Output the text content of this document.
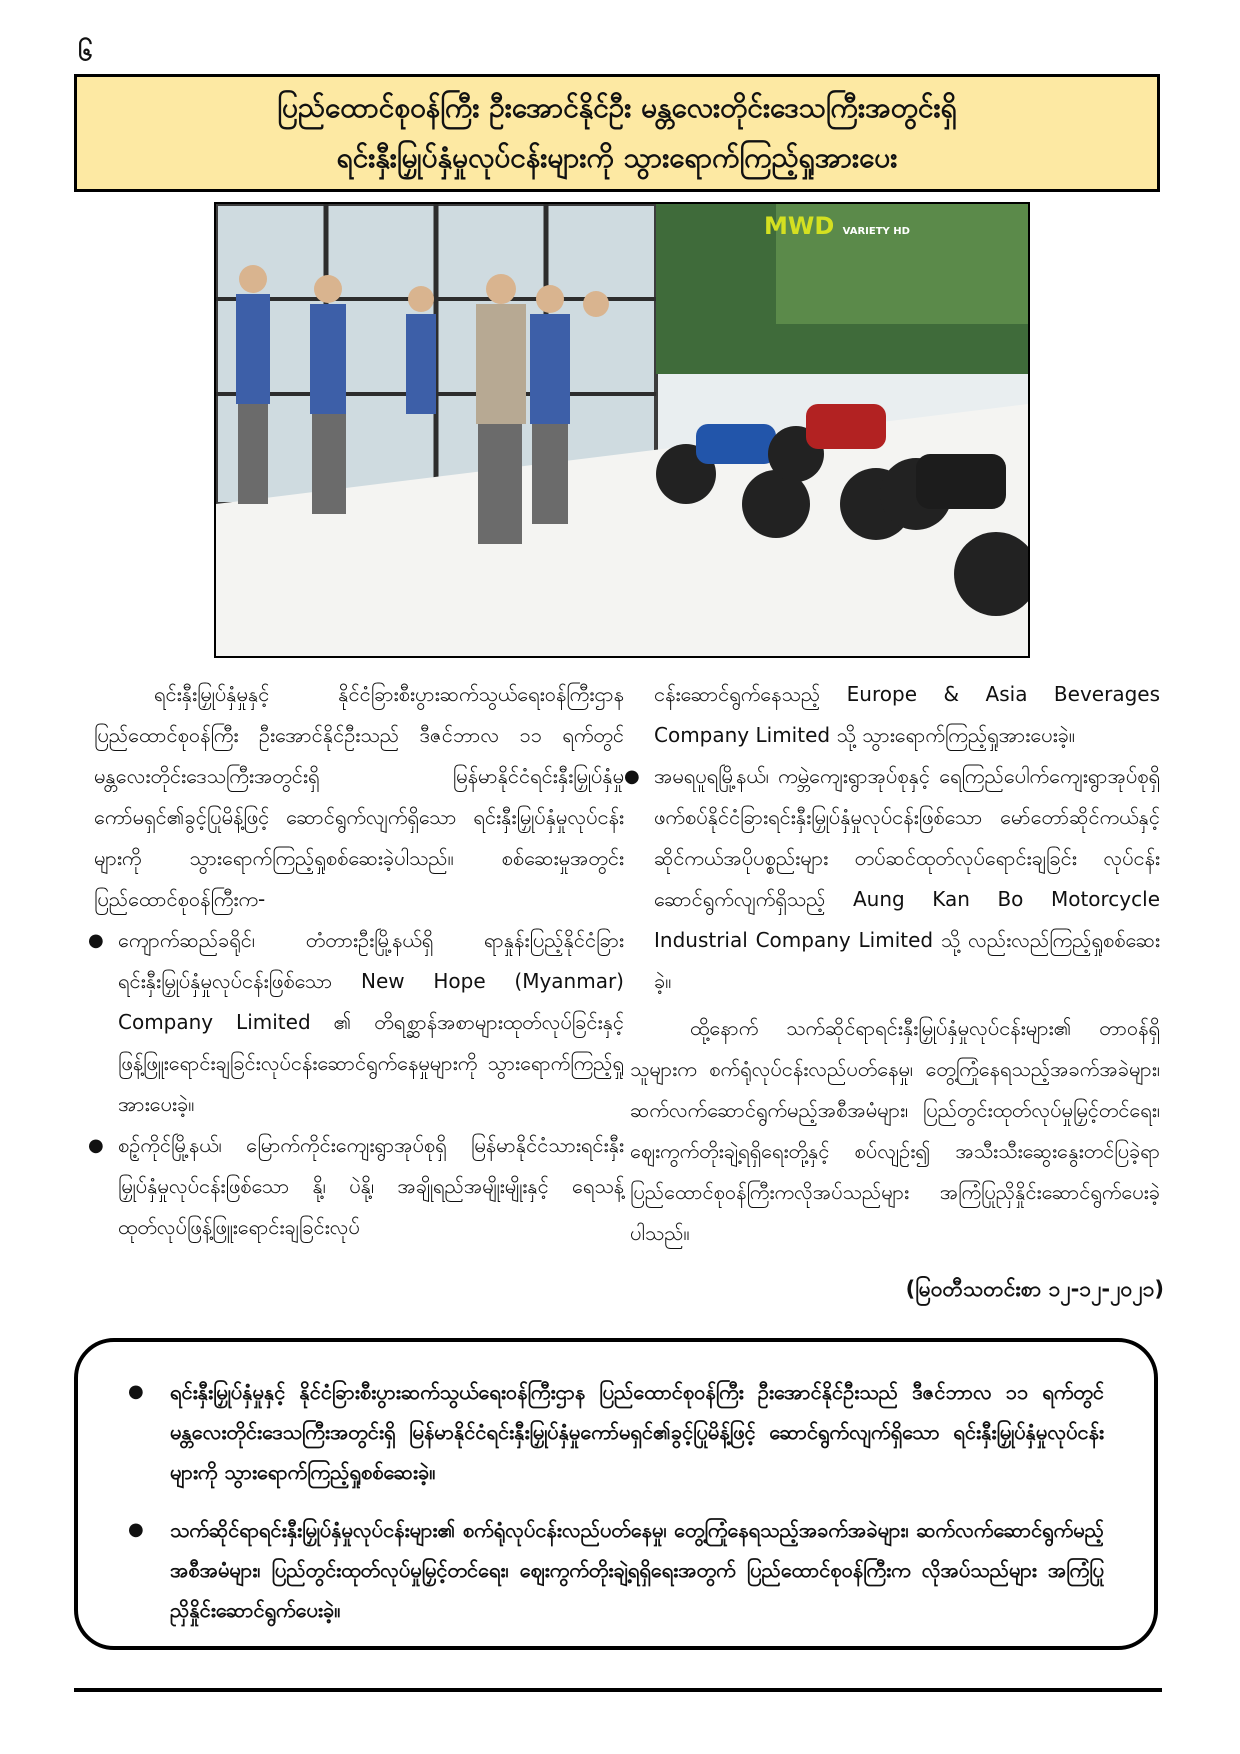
၆
ပြည်ထောင်စုဝန်ကြီး ဦးအောင်နိုင်ဦး မန္တလေးတိုင်းဒေသကြီးအတွင်းရှိ
ရင်းနှီးမြှုပ်နှံမှုလုပ်ငန်းများကို သွားရောက်ကြည့်ရှုအားပေး
MWD VARIETY HD

ရင်းနှီးမြှုပ်နှံမှုနှင့် နိုင်ငံခြားစီးပွားဆက်သွယ်ရေးဝန်ကြီးဌာန ပြည်ထောင်စုဝန်ကြီး ဦးအောင်နိုင်ဦးသည် ဒီဇင်ဘာလ ၁၁ ရက်တွင် မန္တလေးတိုင်းဒေသကြီးအတွင်းရှိ မြန်မာနိုင်ငံရင်းနှီးမြှုပ်နှံမှုကော်မရှင်၏ခွင့်ပြုမိန့်ဖြင့် ဆောင်ရွက်လျက်ရှိသော ရင်းနှီးမြှုပ်နှံမှုလုပ်ငန်းများကို သွားရောက်ကြည့်ရှုစစ်ဆေးခဲ့ပါသည်။ စစ်ဆေးမှုအတွင်း ပြည်ထောင်စုဝန်ကြီးက-

● ကျောက်ဆည်ခရိုင်၊ တံတားဦးမြို့နယ်ရှိ ရာနှုန်းပြည့်နိုင်ငံခြားရင်းနှီးမြှုပ်နှံမှုလုပ်ငန်းဖြစ်သော New Hope (Myanmar) Company Limited ၏ တိရစ္ဆာန်အစာများထုတ်လုပ်ခြင်းနှင့် ဖြန့်ဖြူးရောင်းချခြင်းလုပ်ငန်းဆောင်ရွက်နေမှုများကို သွားရောက်ကြည့်ရှုအားပေးခဲ့။

● စဉ့်ကိုင်မြို့နယ်၊ မြောက်ကိုင်းကျေးရွာအုပ်စုရှိ မြန်မာနိုင်ငံသားရင်းနှီးမြှုပ်နှံမှုလုပ်ငန်းဖြစ်သော နို့၊ ပဲနို့၊ အချိုရည်အမျိုးမျိုးနှင့် ရေသန့်ထုတ်လုပ်ဖြန့်ဖြူးရောင်းချခြင်းလုပ်

ငန်းဆောင်ရွက်နေသည့် Europe & Asia Beverages Company Limited သို့ သွားရောက်ကြည့်ရှုအားပေးခဲ့။

● အမရပူရမြို့နယ်၊ ကမ္ဘဲကျေးရွာအုပ်စုနှင့် ရေကြည်ပေါက်ကျေးရွာအုပ်စုရှိ ဖက်စပ်နိုင်ငံခြားရင်းနှီးမြှုပ်နှံမှုလုပ်ငန်းဖြစ်သော မော်တော်ဆိုင်ကယ်နှင့် ဆိုင်ကယ်အပိုပစ္စည်းများ တပ်ဆင်ထုတ်လုပ်ရောင်းချခြင်း လုပ်ငန်းဆောင်ရွက်လျက်ရှိသည့် Aung Kan Bo Motorcycle Industrial Company Limited သို့ လည်းလည်ကြည့်ရှုစစ်ဆေးခဲ့။

ထို့နောက် သက်ဆိုင်ရာရင်းနှီးမြှုပ်နှံမှုလုပ်ငန်းများ၏ တာဝန်ရှိသူများက စက်ရုံလုပ်ငန်းလည်ပတ်နေမှု၊ တွေ့ကြုံနေရသည့်အခက်အခဲများ၊ ဆက်လက်ဆောင်ရွက်မည့်အစီအမံများ၊ ပြည်တွင်းထုတ်လုပ်မှုမြှင့်တင်ရေး၊ ဈေးကွက်တိုးချဲ့ရရှိရေးတို့နှင့် စပ်လျဉ်း၍ အသီးသီးဆွေးနွေးတင်ပြခဲ့ရာ ပြည်ထောင်စုဝန်ကြီးကလိုအပ်သည်များ အကြံပြုညှိနှိုင်းဆောင်ရွက်ပေးခဲ့ပါသည်။

(မြဝတီသတင်းစာ ၁၂-၁၂-၂၀၂၁)
● ရင်းနှီးမြှုပ်နှံမှုနှင့် နိုင်ငံခြားစီးပွားဆက်သွယ်ရေးဝန်ကြီးဌာန ပြည်ထောင်စုဝန်ကြီး ဦးအောင်နိုင်ဦးသည် ဒီဇင်ဘာလ ၁၁ ရက်တွင် မန္တလေးတိုင်းဒေသကြီးအတွင်းရှိ မြန်မာနိုင်ငံရင်းနှီးမြှုပ်နှံမှုကော်မရှင်၏ခွင့်ပြုမိန့်ဖြင့် ဆောင်ရွက်လျက်ရှိသော ရင်းနှီးမြှုပ်နှံမှုလုပ်ငန်းများကို သွားရောက်ကြည့်ရှုစစ်ဆေးခဲ့။
● သက်ဆိုင်ရာရင်းနှီးမြှုပ်နှံမှုလုပ်ငန်းများ၏ စက်ရုံလုပ်ငန်းလည်ပတ်နေမှု၊ တွေ့ကြုံနေရသည့်အခက်အခဲများ၊ ဆက်လက်ဆောင်ရွက်မည့်အစီအမံများ၊ ပြည်တွင်းထုတ်လုပ်မှုမြှင့်တင်ရေး၊ ဈေးကွက်တိုးချဲ့ရရှိရေးအတွက် ပြည်ထောင်စုဝန်ကြီးက လိုအပ်သည်များ အကြံပြုညှိနှိုင်းဆောင်ရွက်ပေးခဲ့။
